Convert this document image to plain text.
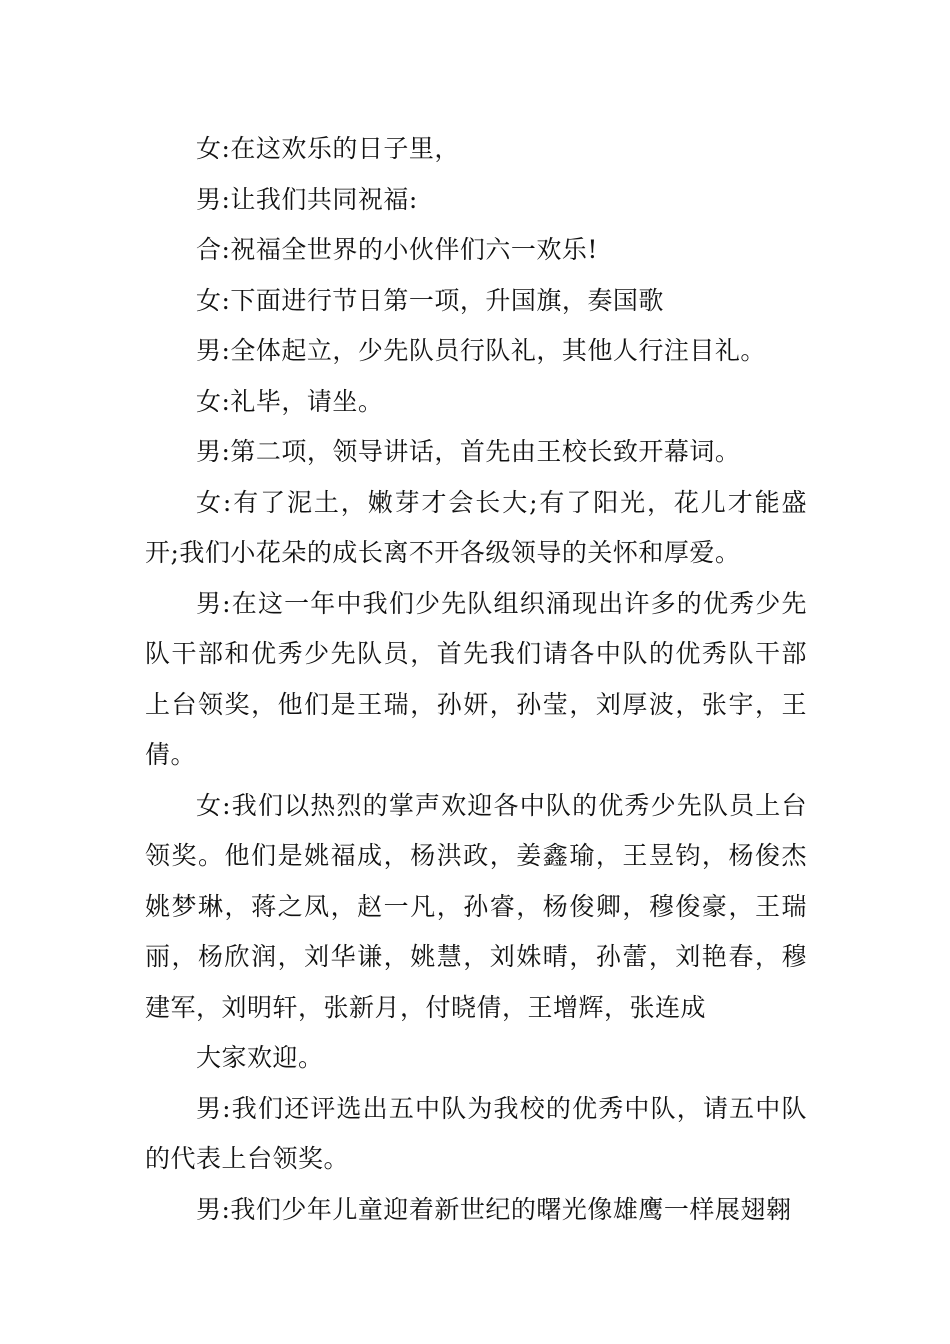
女:在这欢乐的日子里，

男:让我们共同祝福:

合:祝福全世界的小伙伴们六一欢乐!

女:下面进行节日第一项，升国旗，奏国歌

男:全体起立，少先队员行队礼，其他人行注目礼。

女:礼毕，请坐。

男:第二项，领导讲话，首先由王校长致开幕词。

女:有了泥土，嫩芽才会长大;有了阳光，花儿才能盛开;我们小花朵的成长离不开各级领导的关怀和厚爱。

男:在这一年中我们少先队组织涌现出许多的优秀少先队干部和优秀少先队员，首先我们请各中队的优秀队干部上台领奖，他们是王瑞，孙妍，孙莹，刘厚波，张宇，王倩。

女:我们以热烈的掌声欢迎各中队的优秀少先队员上台领奖。他们是姚福成，杨洪政，姜鑫瑜，王昱钧，杨俊杰姚梦琳，蒋之凤，赵一凡，孙睿，杨俊卿，穆俊豪，王瑞丽，杨欣润，刘华谦，姚慧，刘姝晴，孙蕾，刘艳春，穆建军，刘明轩，张新月，付晓倩，王增辉，张连成

大家欢迎。

男:我们还评选出五中队为我校的优秀中队，请五中队的代表上台领奖。

男:我们少年儿童迎着新世纪的曙光像雄鹰一样展翅翱
